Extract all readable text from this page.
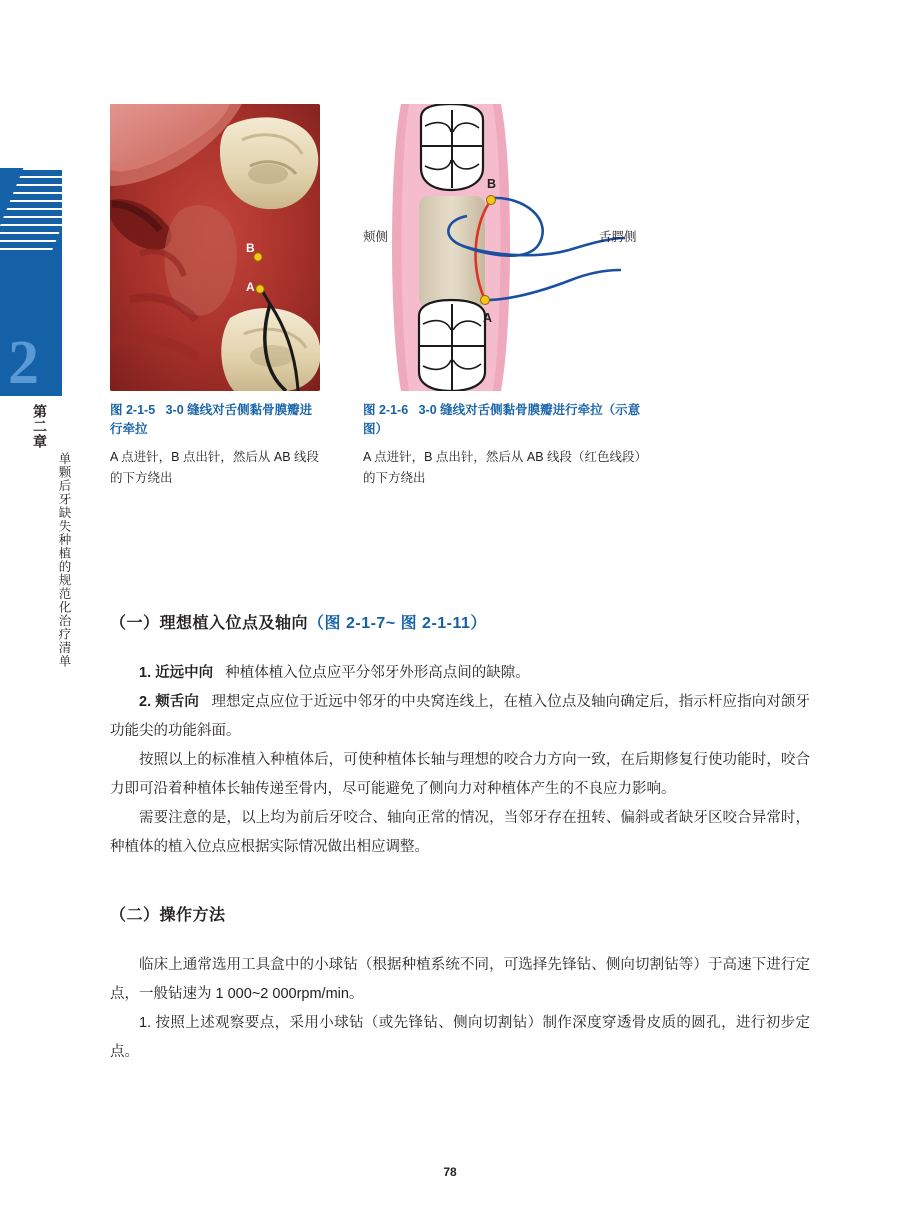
2
第二章
单颗后牙缺失种植的规范化治疗清单
B
A
图 2-1-5 3-0 缝线对舌侧黏骨膜瓣进行牵拉
A 点进针，B 点出针，然后从 AB 线段的下方绕出
B
A
颊侧	舌腭侧
图 2-1-6 3-0 缝线对舌侧黏骨膜瓣进行牵拉（示意图）
A 点进针，B 点出针，然后从 AB 线段（红色线段）的下方绕出
（一）理想植入位点及轴向（图 2-1-7~ 图 2-1-11）

1. 近远中向 种植体植入位点应平分邻牙外形高点间的缺隙。

2. 颊舌向 理想定点应位于近远中邻牙的中央窝连线上，在植入位点及轴向确定后，指示杆应指向对颌牙功能尖的功能斜面。

按照以上的标准植入种植体后，可使种植体长轴与理想的咬合力方向一致，在后期修复行使功能时，咬合力即可沿着种植体长轴传递至骨内，尽可能避免了侧向力对种植体产生的不良应力影响。

需要注意的是，以上均为前后牙咬合、轴向正常的情况，当邻牙存在扭转、偏斜或者缺牙区咬合异常时，种植体的植入位点应根据实际情况做出相应调整。

（二）操作方法

临床上通常选用工具盒中的小球钻（根据种植系统不同，可选择先锋钻、侧向切割钻等）于高速下进行定点，一般钻速为 1 000~2 000rpm/min。

1. 按照上述观察要点，采用小球钻（或先锋钻、侧向切割钻）制作深度穿透骨皮质的圆孔，进行初步定点。

78
